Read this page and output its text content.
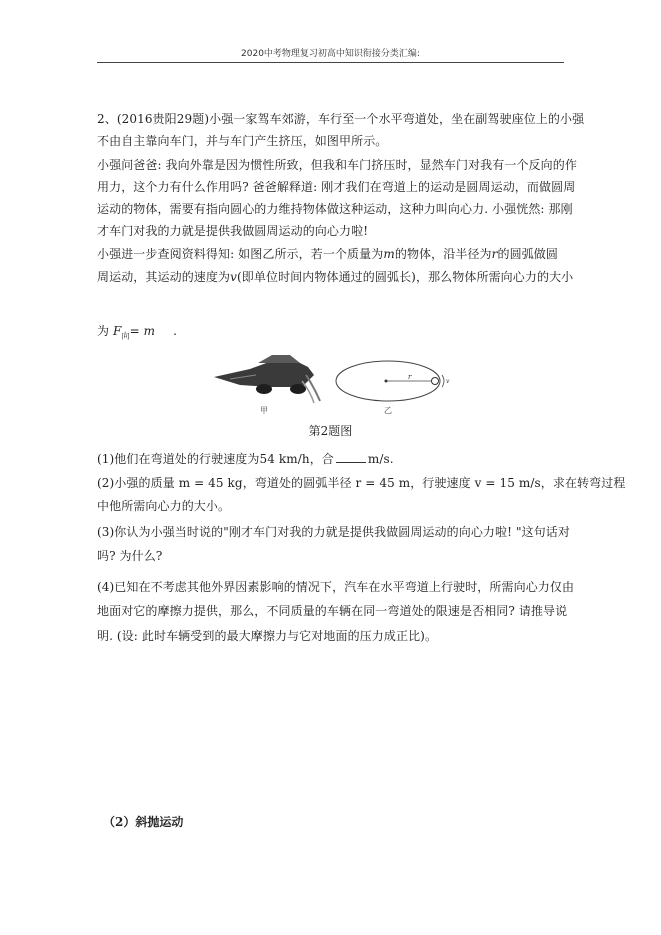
2020中考物理复习初高中知识衔接分类汇编:
2、(2016贵阳29题)小强一家驾车郊游，车行至一个水平弯道处，坐在副驾驶座位上的小强
不由自主靠向车门，并与车门产生挤压，如图甲所示。
小强问爸爸: 我向外靠是因为惯性所致，但我和车门挤压时，显然车门对我有一个反向的作
用力，这个力有什么作用吗? 爸爸解释道: 刚才我们在弯道上的运动是圆周运动，而做圆周
运动的物体，需要有指向圆心的力维持物体做这种运动，这种力叫向心力. 小强恍然: 那刚
才车门对我的力就是提供我做圆周运动的向心力啦!
小强进一步查阅资料得知: 如图乙所示，若一个质量为m的物体，沿半径为r的圆弧做圆
周运动，其运动的速度为v(即单位时间内物体通过的圆弧长)，那么物体所需向心力的大小
为 $F_向= m$ .
甲
r
v
乙
第2题图
(1)他们在弯道处的行驶速度为54 km/h，合	m/s.
(2)小强的质量 m = 45 kg，弯道处的圆弧半径 r = 45 m，行驶速度 v = 15 m/s，求在转弯过程
中他所需向心力的大小。
(3)你认为小强当时说的"刚才车门对我的力就是提供我做圆周运动的向心力啦! "这句话对
吗? 为什么?
(4)已知在不考虑其他外界因素影响的情况下，汽车在水平弯道上行驶时，所需向心力仅由
地面对它的摩擦力提供，那么，不同质量的车辆在同一弯道处的限速是否相同? 请推导说
明. (设: 此时车辆受到的最大摩擦力与它对地面的压力成正比)。
（2）斜抛运动
